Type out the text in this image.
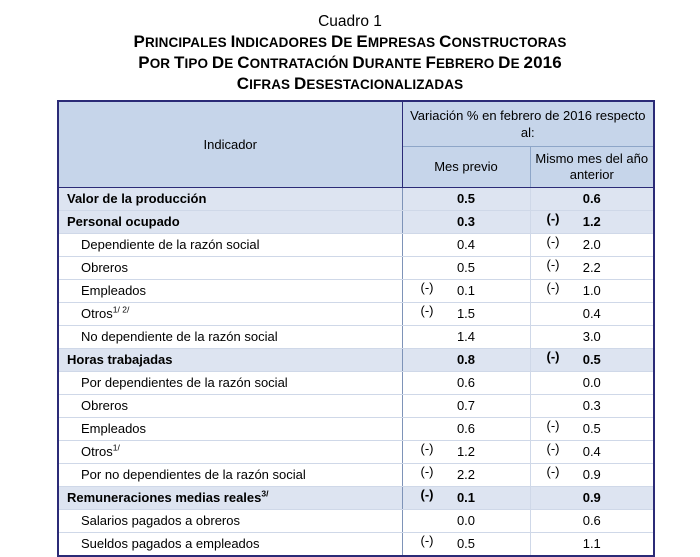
Cuadro 1
PRINCIPALES INDICADORES DE EMPRESAS CONSTRUCTORAS
POR TIPO DE CONTRATACIÓN DURANTE FEBRERO DE 2016
CIFRAS DESESTACIONALIZADAS
Indicador	Variación % en febrero de 2016 respecto al:	
	Mes previo	Mismo mes del año anterior
Valor de la producción	0.5	0.6

Personal ocupado	0.3	(-) 1.2

Dependiente de la razón social	0.4	(-) 2.0

Obreros	0.5	(-) 2.2

Empleados	(-) 0.1	(-) 1.0

Otros$^{1/ 2/}$	(-) 1.5	0.4

No dependiente de la razón social	1.4	3.0

Horas trabajadas	0.8	(-) 0.5

Por dependientes de la razón social	0.6	0.0

Obreros	0.7	0.3

Empleados	0.6	(-) 0.5

Otros$^{1/}$	(-) 1.2	(-) 0.4

Por no dependientes de la razón social	(-) 2.2	(-) 0.9

Remuneraciones medias reales$^{3/}$	(-) 0.1	0.9

Salarios pagados a obreros	0.0	0.6

Sueldos pagados a empleados	(-) 0.5	1.1
